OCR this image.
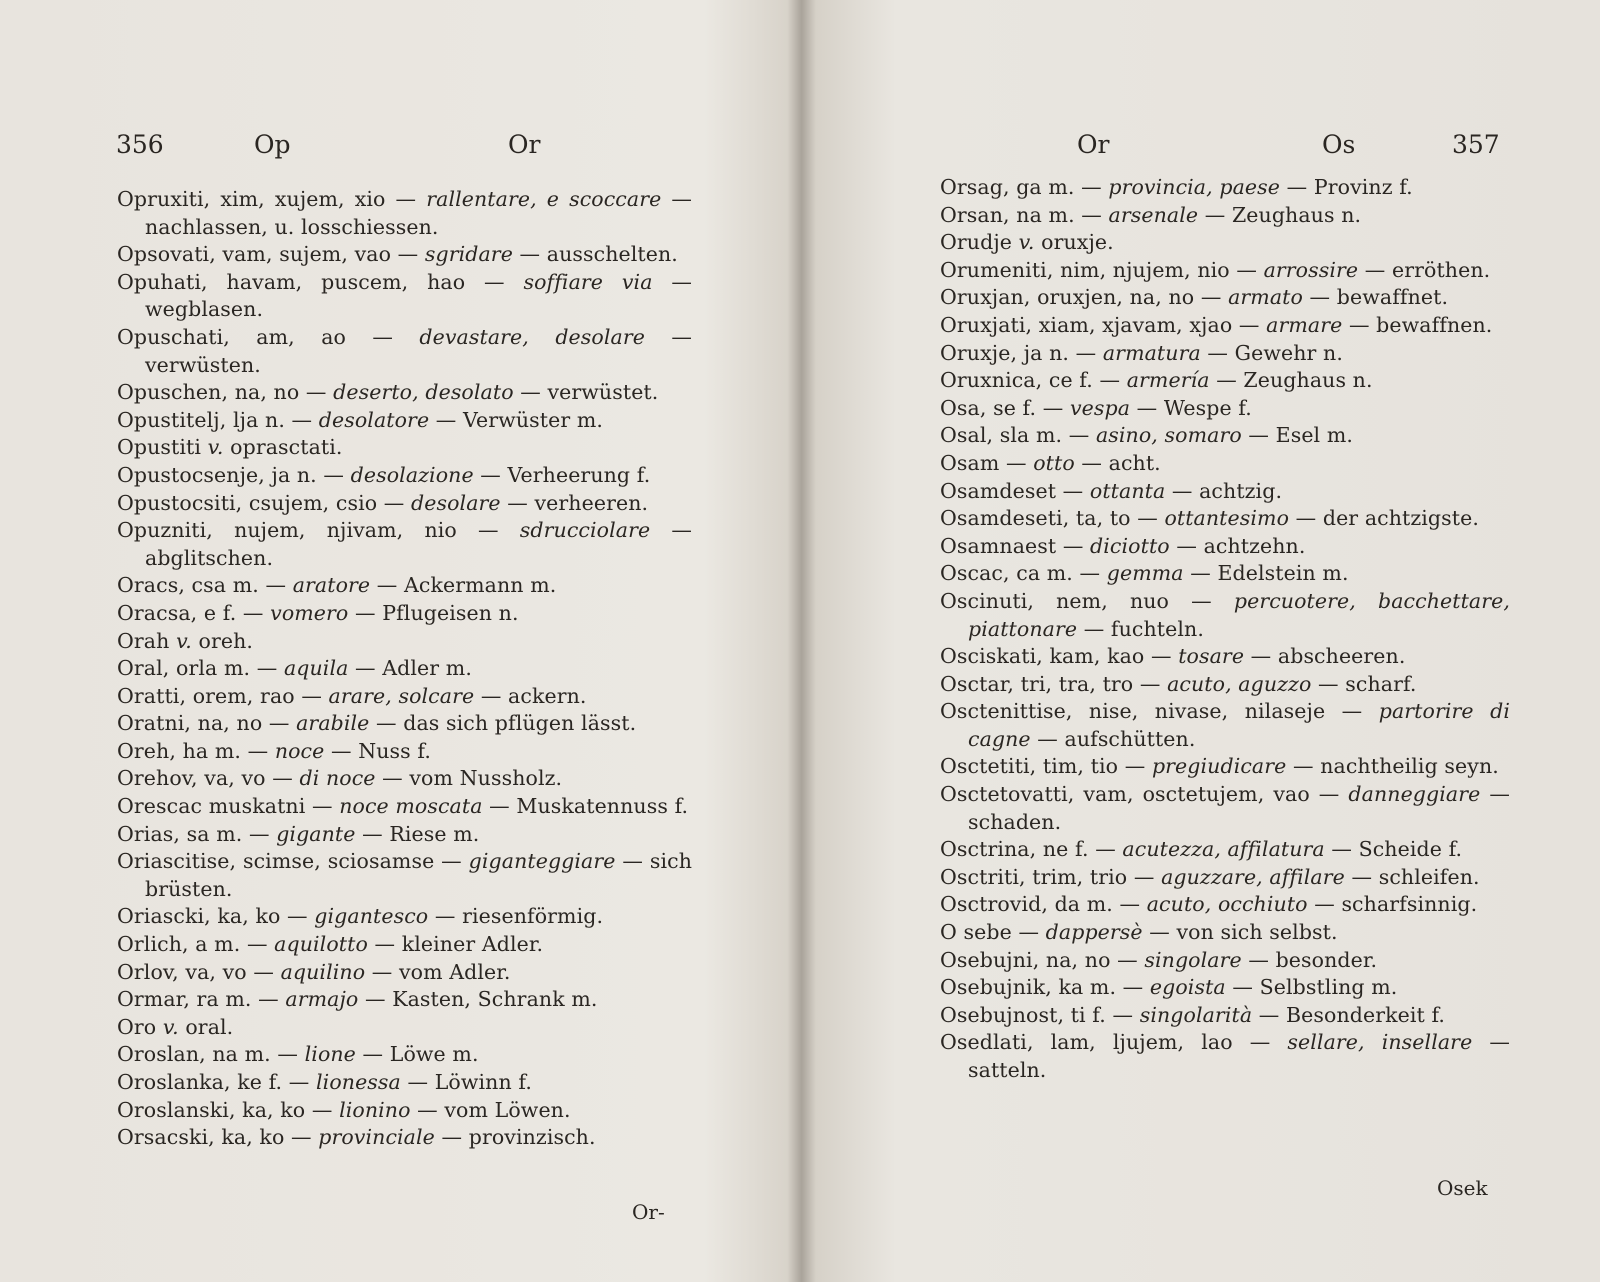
356	Op	Or
Opruxiti, xim, xujem, xio — rallentare, e scoccare — nachlassen, u. losschiessen.
Opsovati, vam, sujem, vao — sgridare — ausschelten.
Opuhati, havam, puscem, hao — soffiare via — wegblasen.
Opuschati, am, ao — devastare, desolare — verwüsten.
Opuschen, na, no — deserto, desolato — verwüstet.
Opustitelj, lja n. — desolatore — Verwüster m.
Opustiti v. oprasctati.
Opustocsenje, ja n. — desolazione — Verheerung f.
Opustocsiti, csujem, csio — desolare — verheeren.
Opuzniti, nujem, njivam, nio — sdrucciolare — abglitschen.
Oracs, csa m. — aratore — Ackermann m.
Oracsa, e f. — vomero — Pflugeisen n.
Orah v. oreh.
Oral, orla m. — aquila — Adler m.
Oratti, orem, rao — arare, solcare — ackern.
Oratni, na, no — arabile — das sich pflügen lässt.
Oreh, ha m. — noce — Nuss f.
Orehov, va, vo — di noce — vom Nussholz.
Orescac muskatni — noce moscata — Muskatennuss f.
Orias, sa m. — gigante — Riese m.
Oriascitise, scimse, sciosamse — giganteggiare — sich brüsten.
Oriascki, ka, ko — gigantesco — riesenförmig.
Orlich, a m. — aquilotto — kleiner Adler.
Orlov, va, vo — aquilino — vom Adler.
Ormar, ra m. — armajo — Kasten, Schrank m.
Oro v. oral.
Oroslan, na m. — lione — Löwe m.
Oroslanka, ke f. — lionessa — Löwinn f.
Oroslanski, ka, ko — lionino — vom Löwen.
Orsacski, ka, ko — provinciale — provinzisch.
Or-
Or	Os	357
Orsag, ga m. — provincia, paese — Provinz f.
Orsan, na m. — arsenale — Zeughaus n.
Orudje v. oruxje.
Orumeniti, nim, njujem, nio — arrossire — erröthen.
Oruxjan, oruxjen, na, no — armato — bewaffnet.
Oruxjati, xiam, xjavam, xjao — armare — bewaffnen.
Oruxje, ja n. — armatura — Gewehr n.
Oruxnica, ce f. — armería — Zeughaus n.
Osa, se f. — vespa — Wespe f.
Osal, sla m. — asino, somaro — Esel m.
Osam — otto — acht.
Osamdeset — ottanta — achtzig.
Osamdeseti, ta, to — ottantesimo — der achtzigste.
Osamnaest — diciotto — achtzehn.
Oscac, ca m. — gemma — Edelstein m.
Oscinuti, nem, nuo — percuotere, bacchettare, piattonare — fuchteln.
Osciskati, kam, kao — tosare — abscheeren.
Osctar, tri, tra, tro — acuto, aguzzo — scharf.
Osctenittise, nise, nivase, nilaseje — partorire di cagne — aufschütten.
Osctetiti, tim, tio — pregiudicare — nachtheilig seyn.
Osctetovatti, vam, osctetujem, vao — danneggiare — schaden.
Osctrina, ne f. — acutezza, affilatura — Scheide f.
Osctriti, trim, trio — aguzzare, affilare — schleifen.
Osctrovid, da m. — acuto, occhiuto — scharfsinnig.
O sebe — dappersè — von sich selbst.
Osebujni, na, no — singolare — besonder.
Osebujnik, ka m. — egoista — Selbstling m.
Osebujnost, ti f. — singolarità — Besonderkeit f.
Osedlati, lam, ljujem, lao — sellare, insellare — satteln.
Osek
